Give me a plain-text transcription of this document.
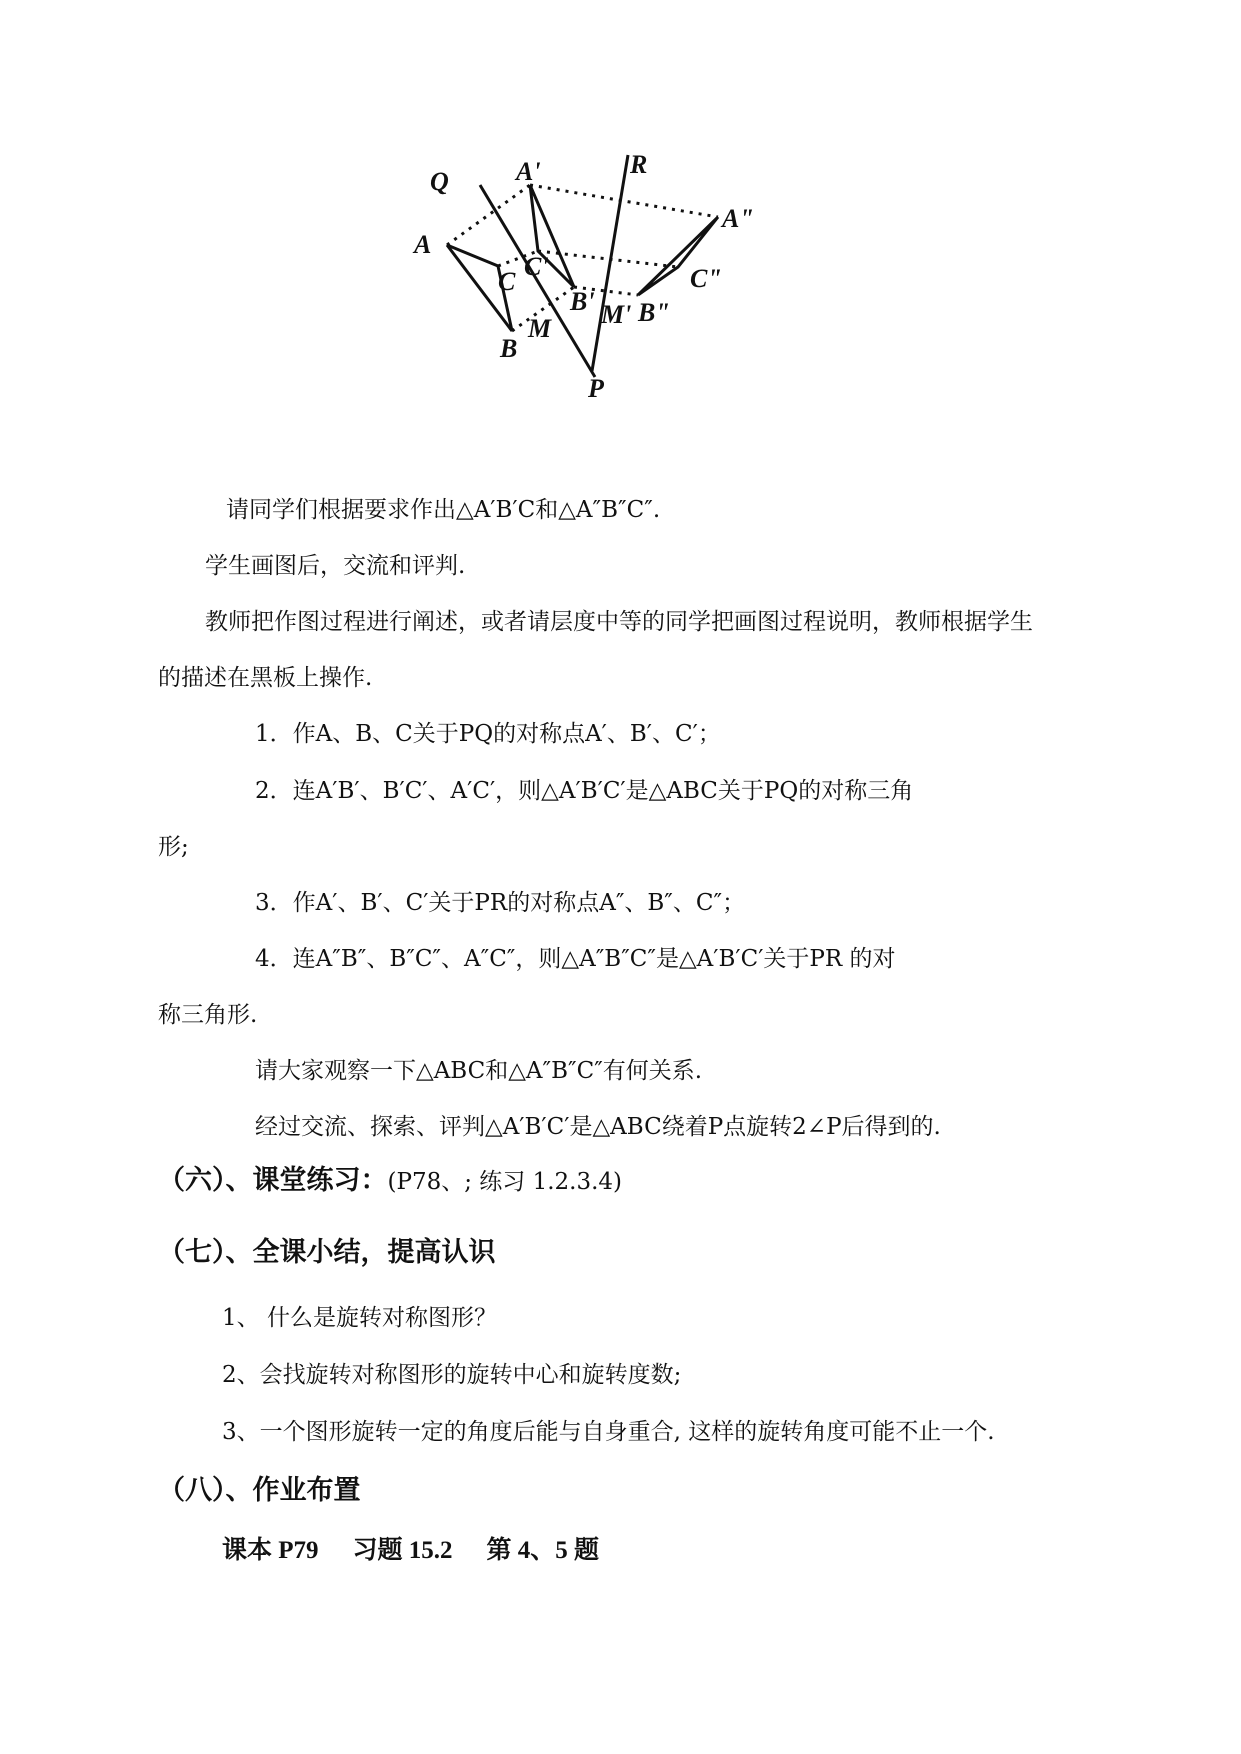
Q	A'	R
A"
A
C'
C	C"
B' M' B"
M
B
P
请同学们根据要求作出△A′B′C和△A″B″C″.
学生画图后，交流和评判.
教师把作图过程进行阐述，或者请层度中等的同学把画图过程说明，教师根据学生
的描述在黑板上操作.
1．作A、B、C关于PQ的对称点A′、B′、C′；
2．连A′B′、B′C′、A′C′，则△A′B′C′是△ABC关于PQ的对称三角
形;
3．作A′、B′、C′关于PR的对称点A″、B″、C″；
4．连A″B″、B″C″、A″C″，则△A″B″C″是△A′B′C′关于PR 的对
称三角形.
请大家观察一下△ABC和△A″B″C″有何关系.
经过交流、探索、评判△A′B′C′是△ABC绕着P点旋转2∠P后得到的.
（六）、课堂练习：(P78、; 练习 1.2.3.4)
（七）、全课小结，提高认识
1、 什么是旋转对称图形？
2、会找旋转对称图形的旋转中心和旋转度数;
3、一个图形旋转一定的角度后能与自身重合, 这样的旋转角度可能不止一个.
（八）、作业布置
课本 P79 习题 15.2 第 4、5 题
